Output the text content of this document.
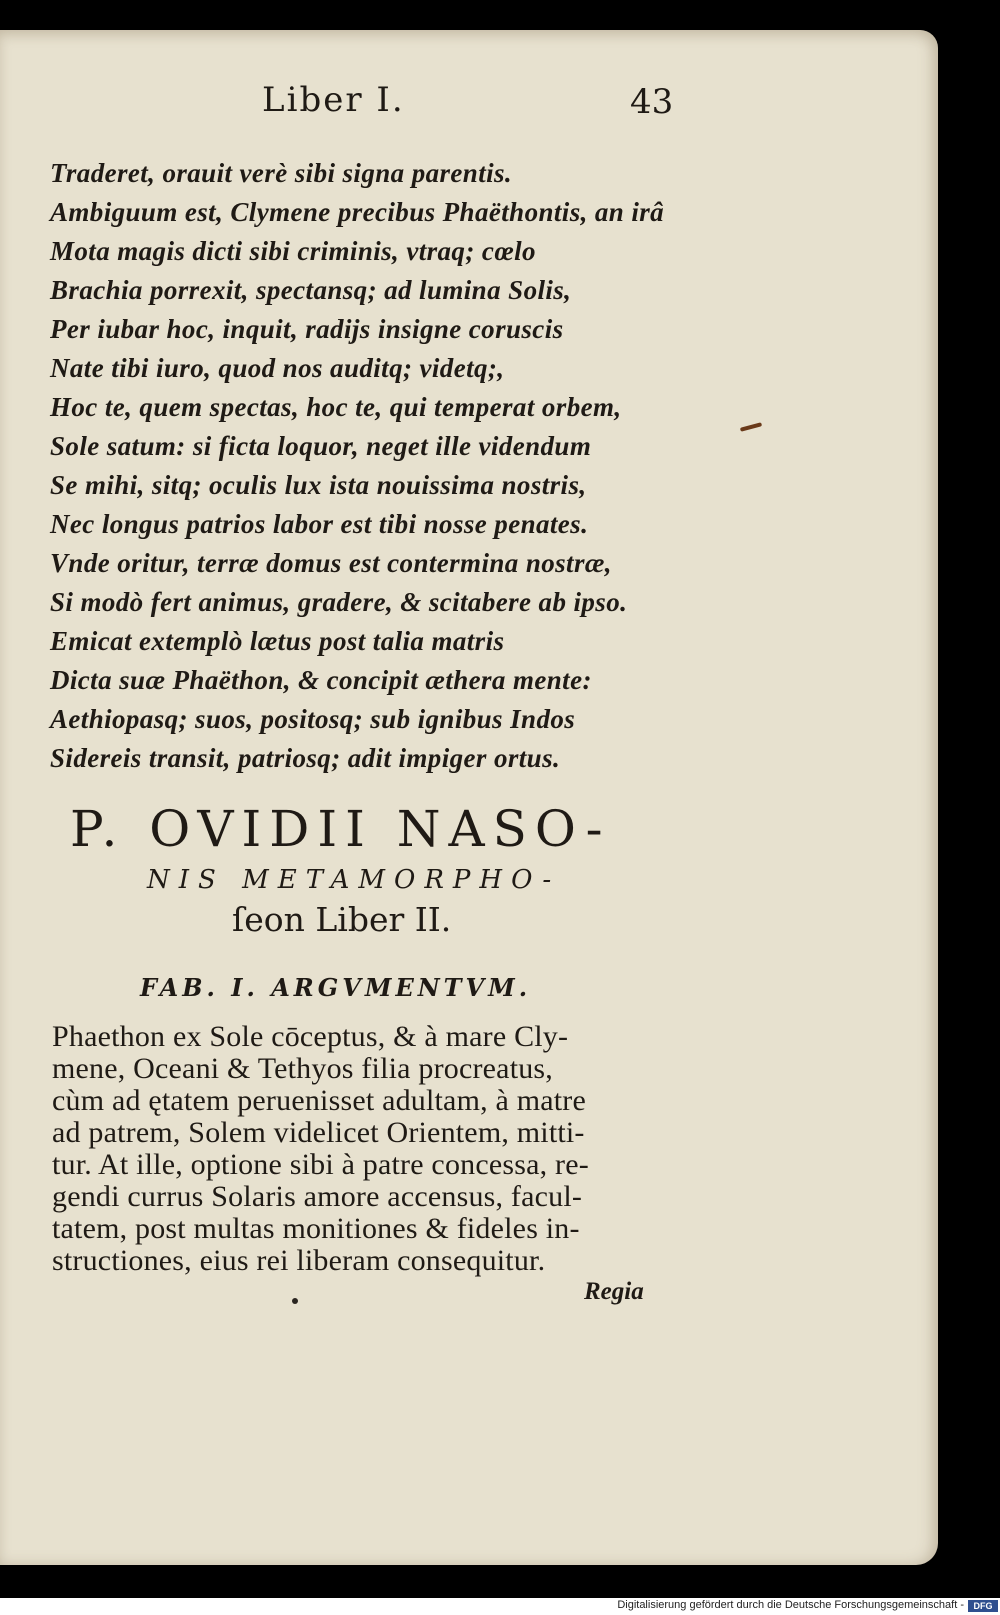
Liber I.	43
Traderet, orauit verè sibi signa parentis.
Ambiguum est, Clymene precibus Phaëthontis, an irâ
Mota magis dicti sibi criminis, vtraq; cœlo
Brachia porrexit, spectansq; ad lumina Solis,
Per iubar hoc, inquit, radijs insigne coruscis
Nate tibi iuro, quod nos auditq; videtq;,
Hoc te, quem spectas, hoc te, qui temperat orbem,
Sole satum: si ficta loquor, neget ille videndum
Se mihi, sitq; oculis lux ista nouissima nostris,
Nec longus patrios labor est tibi nosse penates.
Vnde oritur, terræ domus est contermina nostræ,
Si modò fert animus, gradere, & scitabere ab ipso.
Emicat extemplò lætus post talia matris
Dicta suæ Phaëthon, & concipit æthera mente:
Aethiopasq; suos, positosq; sub ignibus Indos
Sidereis transit, patriosq; adit impiger ortus.
P. OVIDII NASO-
NIS METAMORPHO-
ſeon Liber II.
FAB. I. ARGVMENTVM.
Phaethon ex Sole cōceptus, & à mare Cly-
mene, Oceani & Tethyos filia procreatus,
cùm ad ętatem peruenisset adultam, à matre
ad patrem, Solem videlicet Orientem, mitti-
tur. At ille, optione sibi à patre concessa, re-
gendi currus Solaris amore accensus, facul-
tatem, post multas monitiones & fideles in-
structiones, eius rei liberam consequitur.
Regia
Digitalisierung gefördert durch die Deutsche Forschungsgemeinschaft -	DFG
